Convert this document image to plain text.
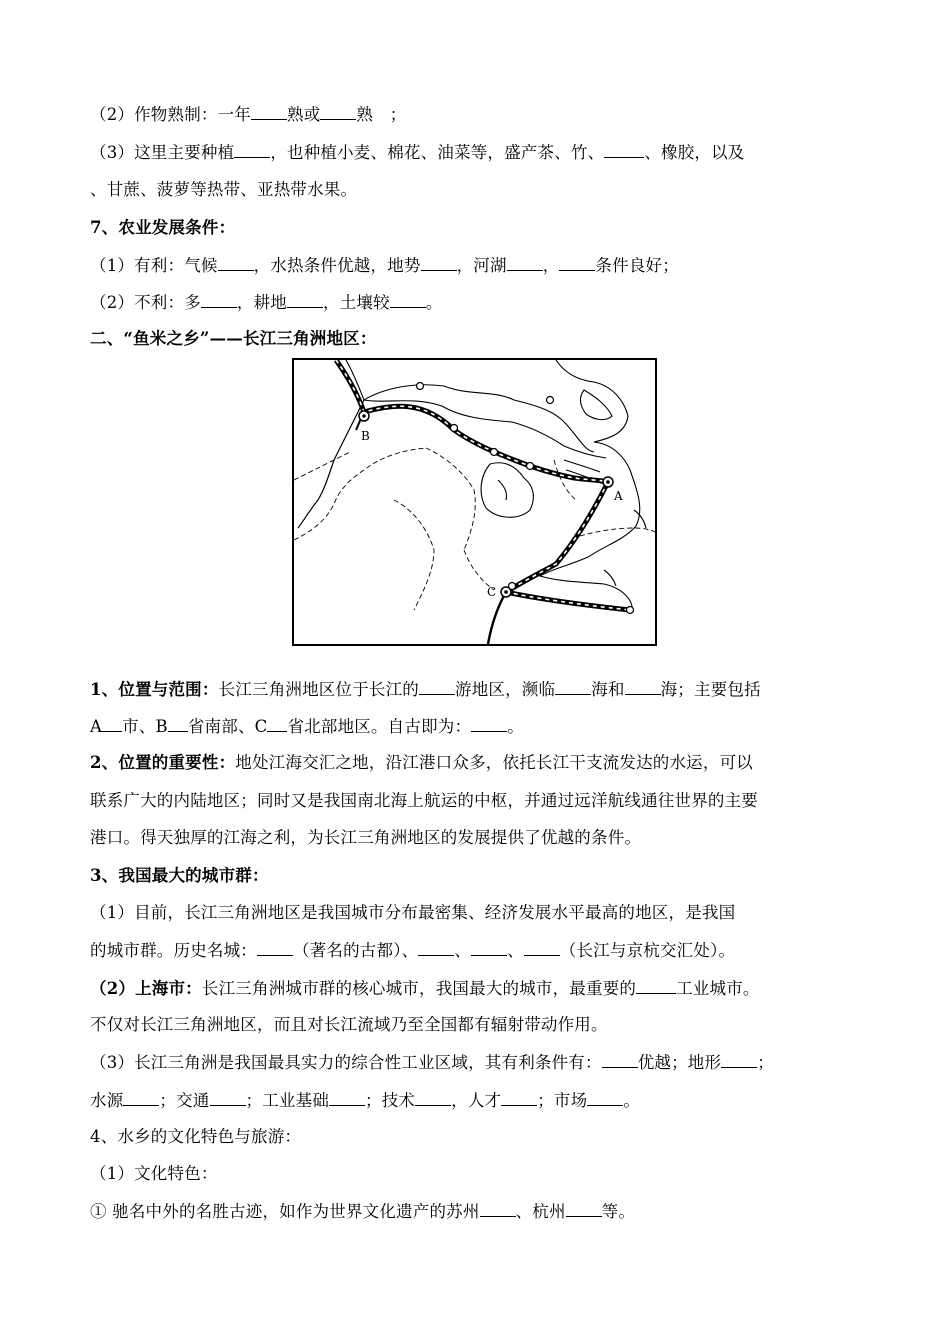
（2）作物熟制：一年 熟或 熟　；
（3）这里主要种植 ，也种植小麦、棉花、油菜等，盛产茶、竹、 、橡胶，以及
、甘蔗、菠萝等热带、亚热带水果。
7、农业发展条件：
（1）有利：气候 ，水热条件优越，地势 ，河湖 ， 条件良好；
（2）不利：多 ，耕地 ，土壤较 。
二、“鱼米之乡”——长江三角洲地区：
B
A
C
1、位置与范围：长江三角洲地区位于长江的 游地区，濒临 海和 海；主要包括
A 市、B 省南部、C 省北部地区。自古即为： 。
2、位置的重要性：地处江海交汇之地，沿江港口众多，依托长江干支流发达的水运，可以
联系广大的内陆地区；同时又是我国南北海上航运的中枢，并通过远洋航线通往世界的主要
港口。得天独厚的江海之利，为长江三角洲地区的发展提供了优越的条件。
3、我国最大的城市群：
（1）目前，长江三角洲地区是我国城市分布最密集、经济发展水平最高的地区，是我国
的城市群。历史名城： （著名的古都）、 、 、 （长江与京杭交汇处）。
（2）上海市：长江三角洲城市群的核心城市，我国最大的城市，最重要的 工业城市。
不仅对长江三角洲地区，而且对长江流域乃至全国都有辐射带动作用。
（3）长江三角洲是我国最具实力的综合性工业区域，其有利条件有： 优越；地形 ；
水源 ；交通 ；工业基础 ；技术 ，人才 ；市场 。
4、水乡的文化特色与旅游：
（1）文化特色：
① 驰名中外的名胜古迹，如作为世界文化遗产的苏州 、杭州 等。
